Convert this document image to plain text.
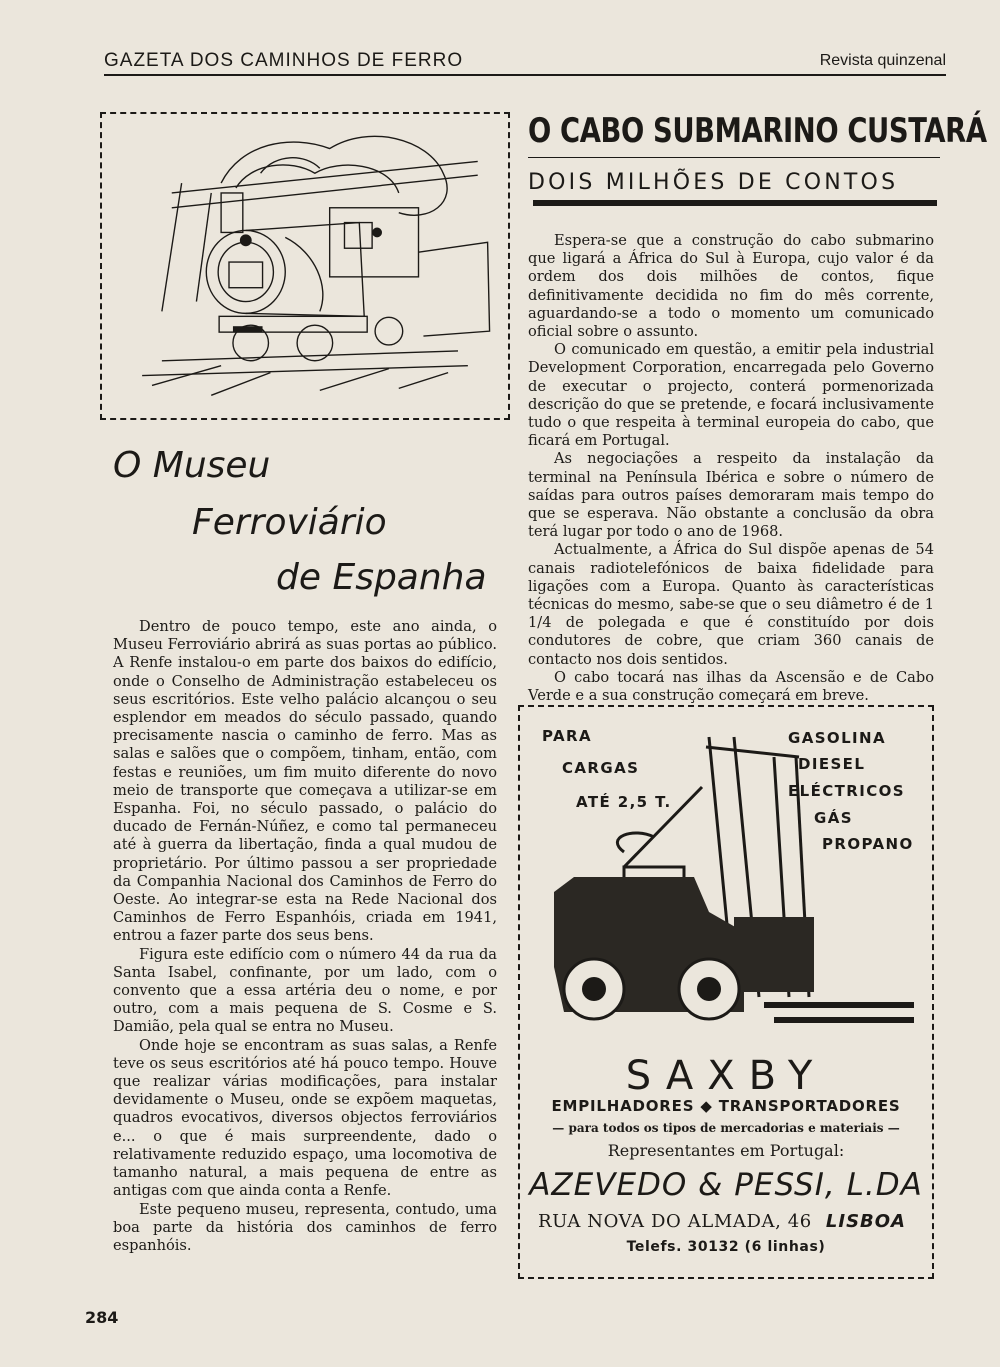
GAZETA DOS CAMINHOS DE FERRO	Revista quinzenal
O Museu
Ferroviário
de Espanha

Dentro de pouco tempo, este ano ainda, o Museu Ferroviário abrirá as suas portas ao público. A Renfe instalou-o em parte dos baixos do edifício, onde o Conselho de Administração estabeleceu os seus escritórios. Este velho palácio alcançou o seu esplendor em meados do século passado, quando precisamente nascia o caminho de ferro. Mas as salas e salões que o compõem, tinham, então, com festas e reuniões, um fim muito diferente do novo meio de transporte que começava a utilizar-se em Espanha. Foi, no século passado, o palácio do ducado de Fernán-Núñez, e como tal permaneceu até à guerra da libertação, finda a qual mudou de proprietário. Por último passou a ser propriedade da Companhia Nacional dos Caminhos de Ferro do Oeste. Ao integrar-se esta na Rede Nacional dos Caminhos de Ferro Espanhóis, criada em 1941, entrou a fazer parte dos seus bens.

Figura este edifício com o número 44 da rua da Santa Isabel, confinante, por um lado, com o convento que a essa artéria deu o nome, e por outro, com a mais pequena de S. Cosme e S. Damião, pela qual se entra no Museu.

Onde hoje se encontram as suas salas, a Renfe teve os seus escritórios até há pouco tempo. Houve que realizar várias modificações, para instalar devidamente o Museu, onde se expõem maquetas, quadros evocativos, diversos objectos ferroviários e... o que é mais surpreendente, dado o relativamente reduzido espaço, uma locomotiva de tamanho natural, a mais pequena de entre as antigas com que ainda conta a Renfe.

Este pequeno museu, representa, contudo, uma boa parte da história dos caminhos de ferro espanhóis.

O CABO SUBMARINO CUSTARÁ
DOIS MILHÕES DE CONTOS

Espera-se que a construção do cabo submarino que ligará a África do Sul à Europa, cujo valor é da ordem dos dois milhões de contos, fique definitivamente decidida no fim do mês corrente, aguardando-se a todo o momento um comunicado oficial sobre o assunto.

O comunicado em questão, a emitir pela industrial Development Corporation, encarregada pelo Governo de executar o projecto, conterá pormenorizada descrição do que se pretende, e focará inclusivamente tudo o que respeita à terminal europeia do cabo, que ficará em Portugal.

As negociações a respeito da instalação da terminal na Península Ibérica e sobre o número de saídas para outros países demoraram mais tempo do que se esperava. Não obstante a conclusão da obra terá lugar por todo o ano de 1968.

Actualmente, a África do Sul dispõe apenas de 54 canais radiotelefónicos de baixa fidelidade para ligações com a Europa. Quanto às características técnicas do mesmo, sabe-se que o seu diâmetro é de 1 1/4 de polegada e que é constituído por dois condutores de cobre, que criam 360 canais de contacto nos dois sentidos.

O cabo tocará nas ilhas da Ascensão e de Cabo Verde e a sua construção começará em breve.

PARA
CARGAS
ATÉ 2,5 T.
GASOLINA
DIESEL
ELÉCTRICOS
GÁS
PROPANO
SAXBY
EMPILHADORES ◆ TRANSPORTADORES
— para todos os tipos de mercadorias e materiais —
Representantes em Portugal:
AZEVEDO & PESSI, L.DA
RUA NOVA DO ALMADA, 46 LISBOA
Telefs. 30132 (6 linhas)
284
